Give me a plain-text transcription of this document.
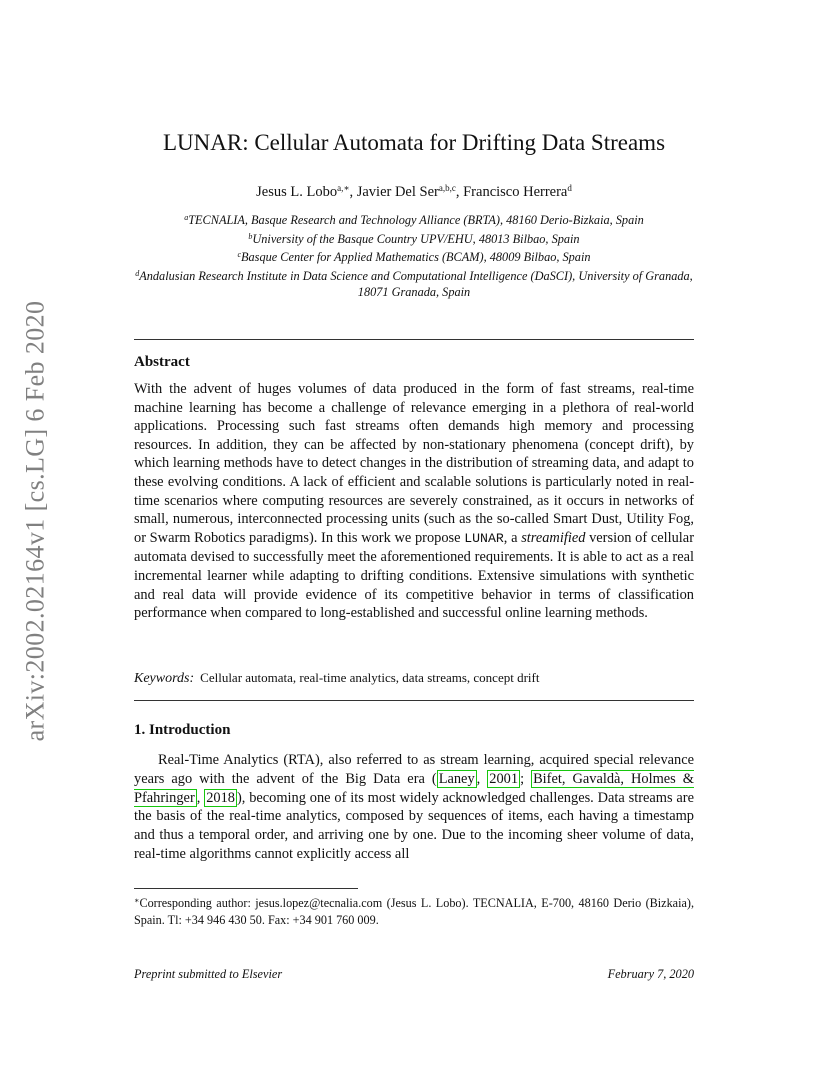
arXiv:2002.02164v1 [cs.LG] 6 Feb 2020
LUNAR: Cellular Automata for Drifting Data Streams
Jesus L. Lobo$^{a,∗}$, Javier Del Ser$^{a,b,c}$, Francisco Herrera$^d$
$^a$TECNALIA, Basque Research and Technology Alliance (BRTA), 48160 Derio-Bizkaia, Spain
$^b$University of the Basque Country UPV/EHU, 48013 Bilbao, Spain
$^c$Basque Center for Applied Mathematics (BCAM), 48009 Bilbao, Spain
$^d$Andalusian Research Institute in Data Science and Computational Intelligence (DaSCI), University of Granada, 18071 Granada, Spain
Abstract
With the advent of huges volumes of data produced in the form of fast streams, real-time machine learning has become a challenge of relevance emerging in a plethora of real-world applications. Processing such fast streams often demands high memory and processing resources. In addition, they can be affected by non-stationary phenomena (concept drift), by which learning methods have to detect changes in the distribution of streaming data, and adapt to these evolving conditions. A lack of efficient and scalable solutions is particularly noted in real-time scenarios where computing resources are severely constrained, as it occurs in networks of small, numerous, interconnected processing units (such as the so-called Smart Dust, Utility Fog, or Swarm Robotics paradigms). In this work we propose LUNAR, a streamified version of cellular automata devised to successfully meet the aforementioned requirements. It is able to act as a real incremental learner while adapting to drifting conditions. Extensive simulations with synthetic and real data will provide evidence of its competitive behavior in terms of classification performance when compared to long-established and successful online learning methods.
Keywords: Cellular automata, real-time analytics, data streams, concept drift
1. Introduction
Real-Time Analytics (RTA), also referred to as stream learning, acquired special relevance years ago with the advent of the Big Data era ( Laney , 2001 ; Bifet, Gavaldà, Holmes & Pfahringer , 2018 ), becoming one of its most widely acknowledged challenges. Data streams are the basis of the real-time analytics, composed by sequences of items, each having a timestamp and thus a temporal order, and arriving one by one. Due to the incoming sheer volume of data, real-time algorithms cannot explicitly access all
∗Corresponding author: jesus.lopez@tecnalia.com (Jesus L. Lobo). TECNALIA, E-700, 48160 Derio (Bizkaia), Spain. Tl: +34 946 430 50. Fax: +34 901 760 009.
Preprint submitted to Elsevier	February 7, 2020
